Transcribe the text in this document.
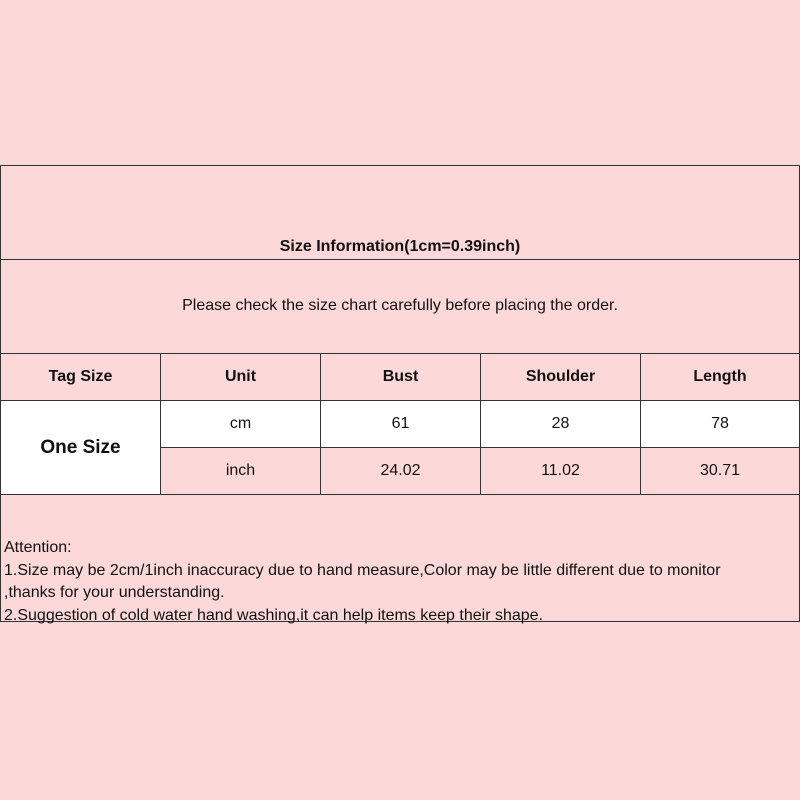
Size Information(1cm=0.39inch)
Please check the size chart carefully before placing the order.
Tag Size	Unit	Bust	Shoulder	Length
One Size
cm	61	28	78
inch	24.02	11.02	30.71
Attention:
1.Size may be 2cm/1inch inaccuracy due to hand measure,Color may be little different due to monitor
,thanks for your understanding.
2.Suggestion of cold water hand washing,it can help items keep their shape.
